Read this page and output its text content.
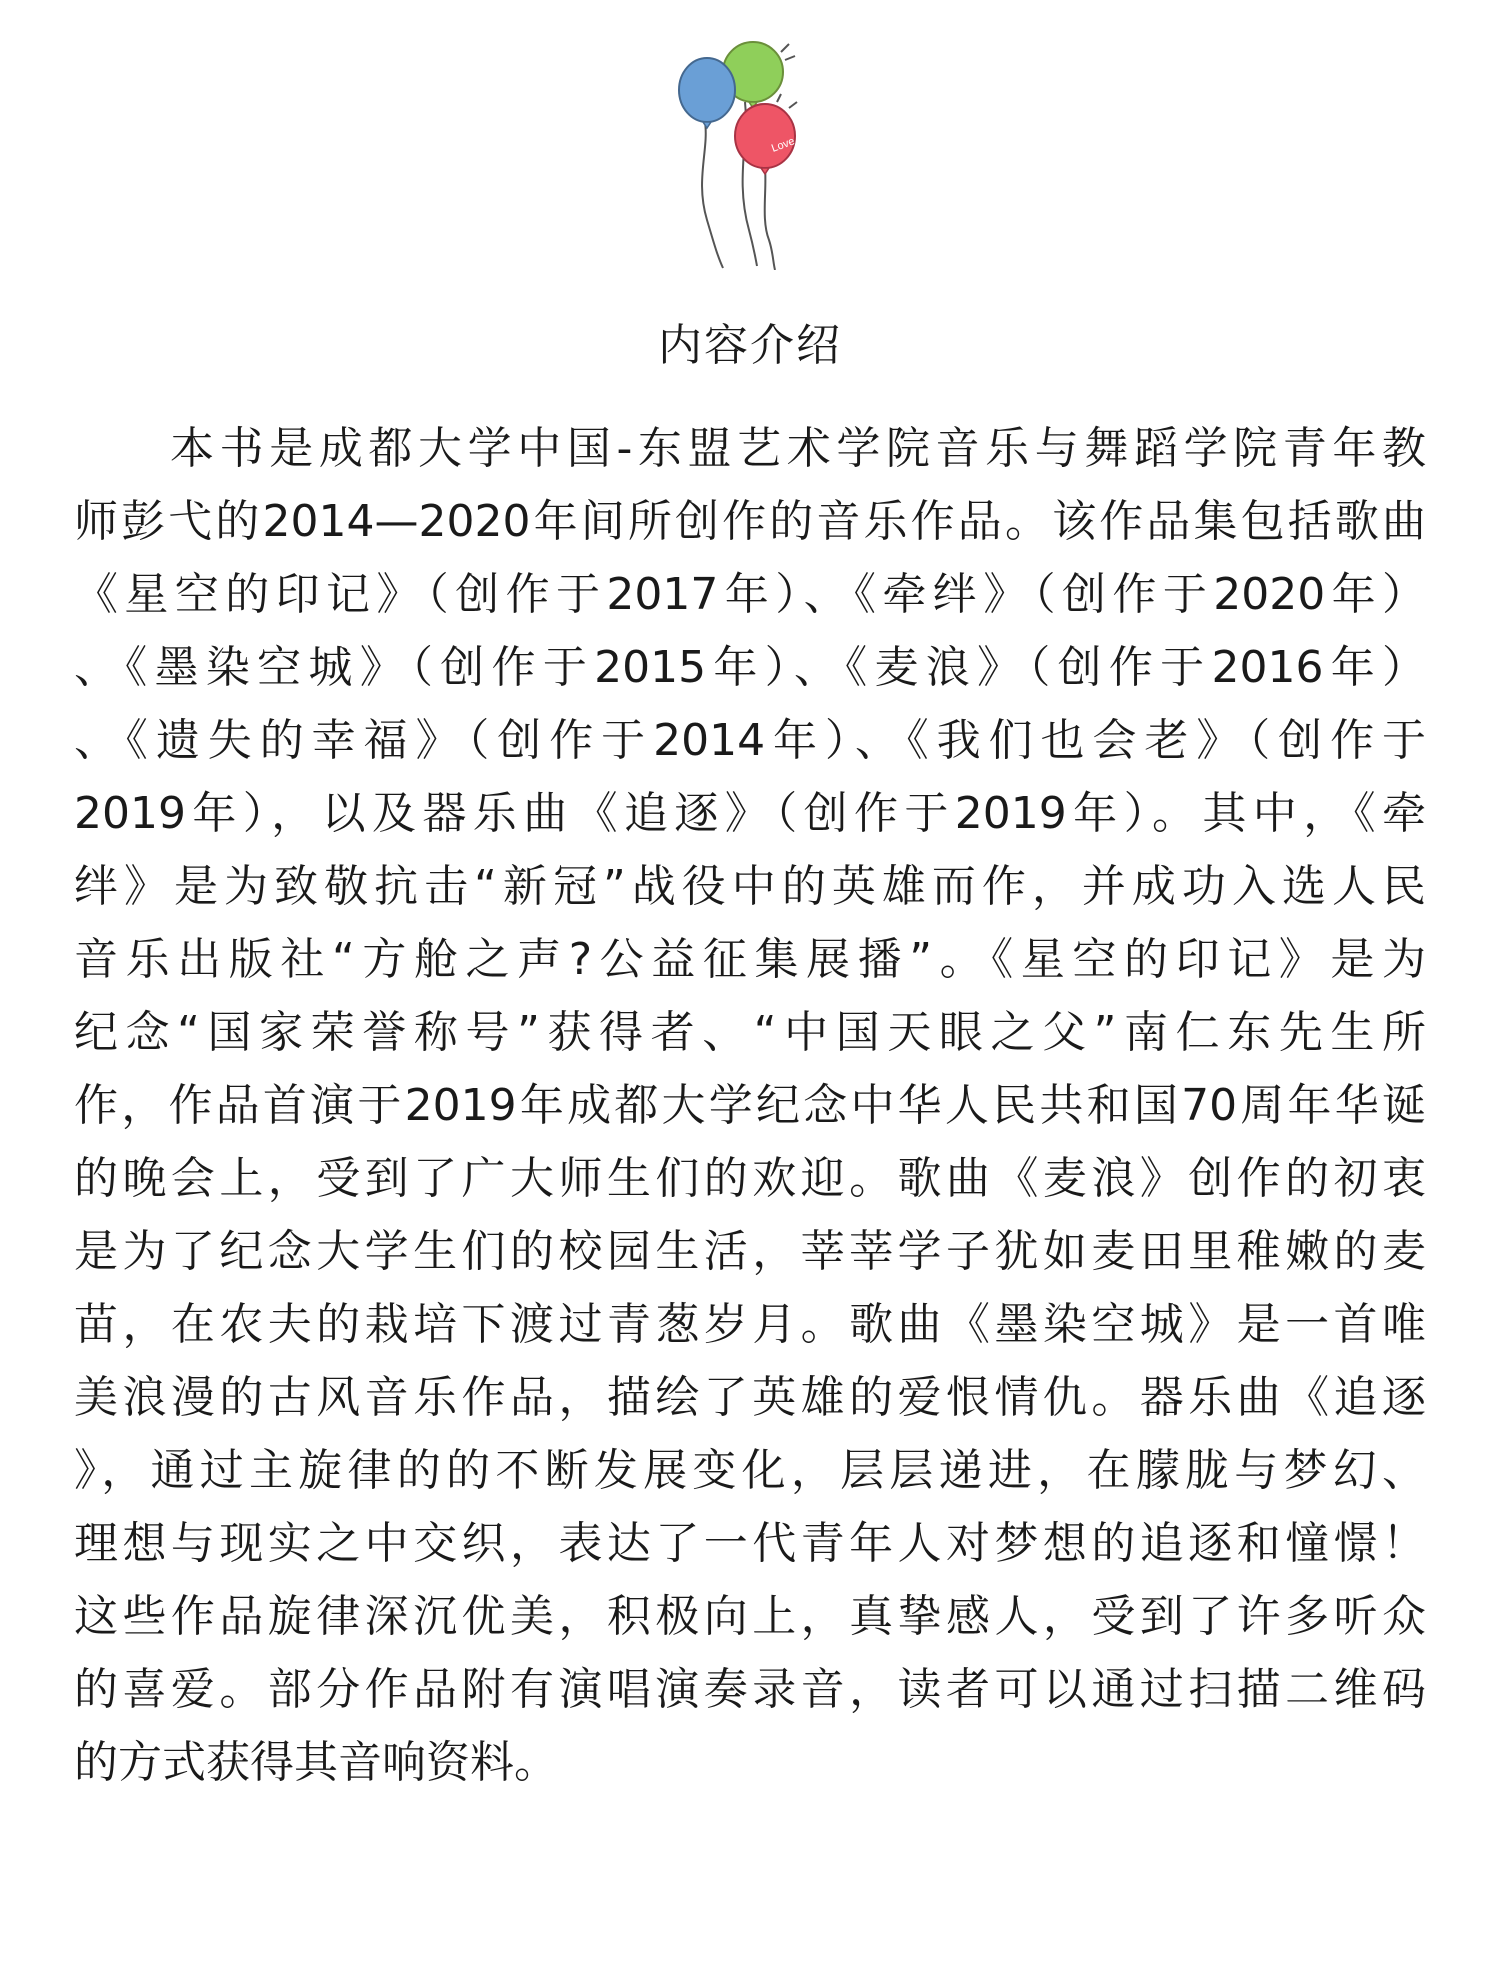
Love
内容介绍
本书是成都大学中国-东盟艺术学院音乐与舞蹈学院青年教
师彭弋的2014—2020年间所创作的音乐作品。该作品集包括歌曲
《星空的印记》（创作于2017年）、《牵绊》（创作于2020年）
、《墨染空城》（创作于2015年）、《麦浪》（创作于2016年）
、《遗失的幸福》（创作于2014年）、《我们也会老》（创作于
2019年），以及器乐曲《追逐》（创作于2019年）。其中，《牵
绊》是为致敬抗击“新冠”战役中的英雄而作，并成功入选人民
音乐出版社“方舱之声?公益征集展播”。《星空的印记》是为
纪念“国家荣誉称号”获得者、“中国天眼之父”南仁东先生所
作，作品首演于2019年成都大学纪念中华人民共和国70周年华诞
的晚会上，受到了广大师生们的欢迎。歌曲《麦浪》创作的初衷
是为了纪念大学生们的校园生活，莘莘学子犹如麦田里稚嫩的麦
苗，在农夫的栽培下渡过青葱岁月。歌曲《墨染空城》是一首唯
美浪漫的古风音乐作品，描绘了英雄的爱恨情仇。器乐曲《追逐
》，通过主旋律的的不断发展变化，层层递进，在朦胧与梦幻、
理想与现实之中交织，表达了一代青年人对梦想的追逐和憧憬！
这些作品旋律深沉优美，积极向上，真挚感人，受到了许多听众
的喜爱。部分作品附有演唱演奏录音，读者可以通过扫描二维码
的方式获得其音响资料。
